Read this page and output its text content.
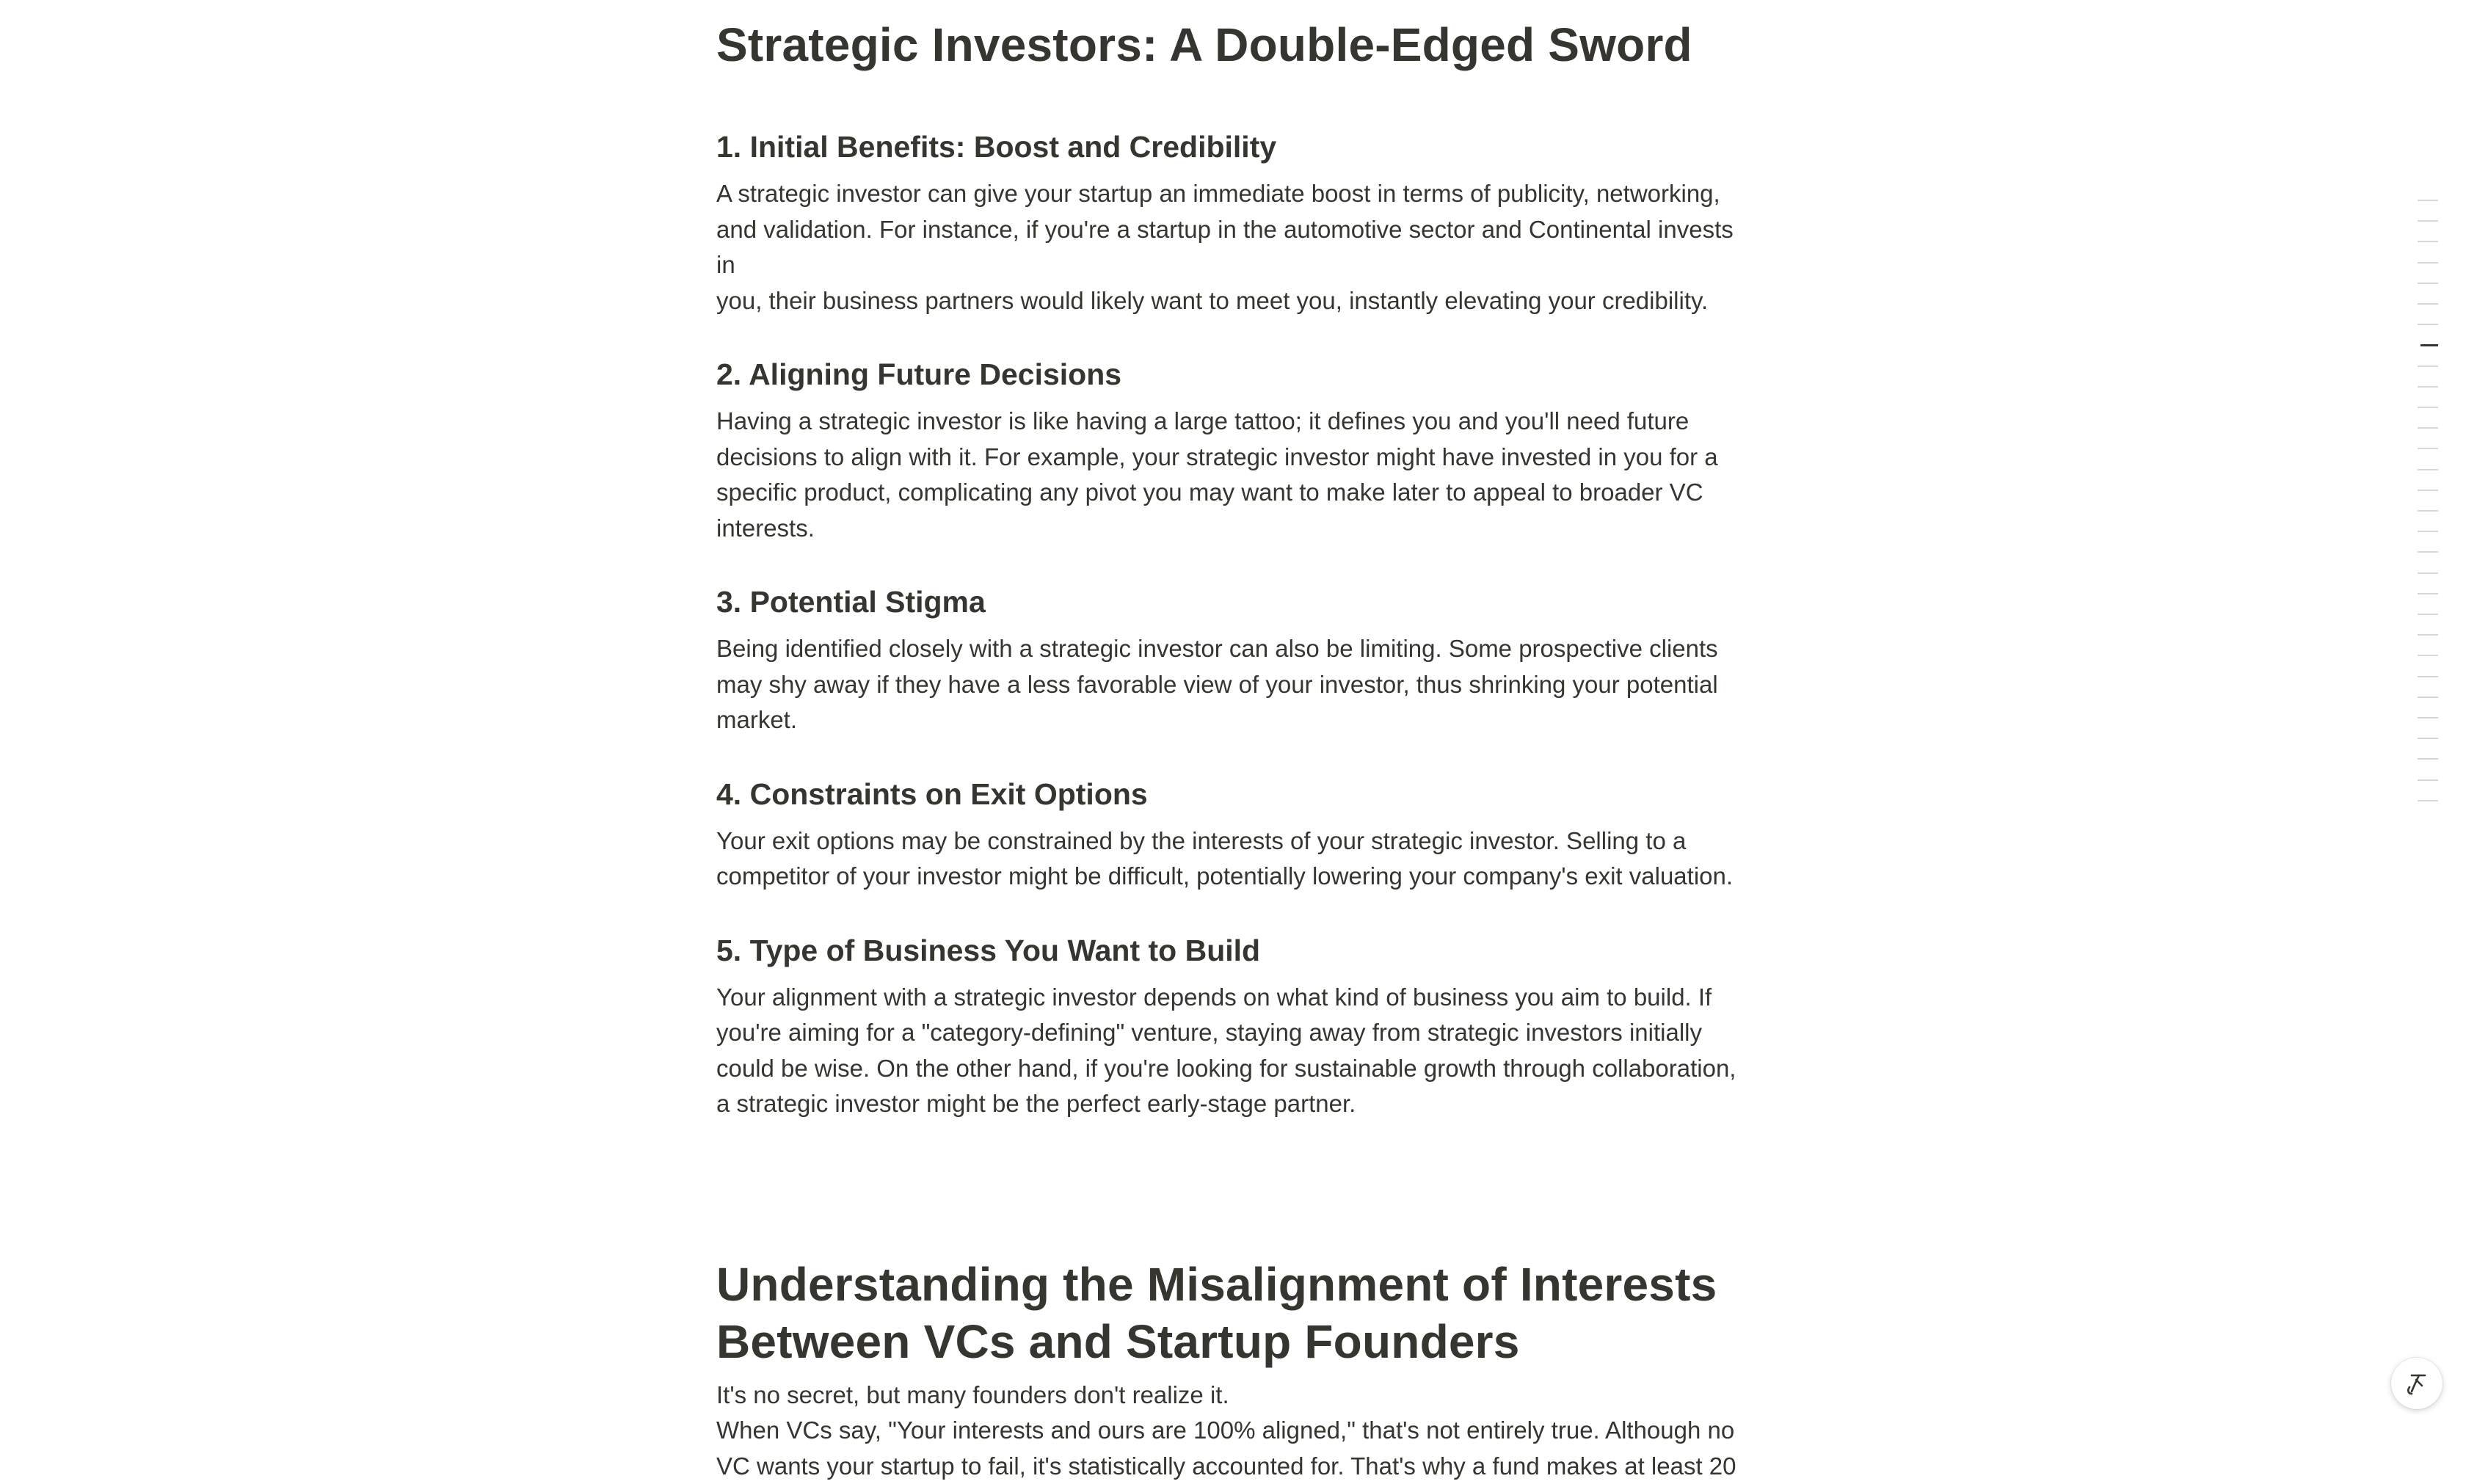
Strategic Investors: A Double-Edged Sword
1. Initial Benefits: Boost and Credibility
A strategic investor can give your startup an immediate boost in terms of publicity, networking,
and validation. For instance, if you're a startup in the automotive sector and Continental invests in
you, their business partners would likely want to meet you, instantly elevating your credibility.
2. Aligning Future Decisions
Having a strategic investor is like having a large tattoo; it defines you and you'll need future
decisions to align with it. For example, your strategic investor might have invested in you for a
specific product, complicating any pivot you may want to make later to appeal to broader VC
interests.
3. Potential Stigma
Being identified closely with a strategic investor can also be limiting. Some prospective clients
may shy away if they have a less favorable view of your investor, thus shrinking your potential
market.
4. Constraints on Exit Options
Your exit options may be constrained by the interests of your strategic investor. Selling to a
competitor of your investor might be difficult, potentially lowering your company's exit valuation.
5. Type of Business You Want to Build
Your alignment with a strategic investor depends on what kind of business you aim to build. If
you're aiming for a "category-defining" venture, staying away from strategic investors initially
could be wise. On the other hand, if you're looking for sustainable growth through collaboration,
a strategic investor might be the perfect early-stage partner.
Understanding the Misalignment of Interests
Between VCs and Startup Founders
It's no secret, but many founders don't realize it.
When VCs say, "Your interests and ours are 100% aligned," that's not entirely true. Although no
VC wants your startup to fail, it's statistically accounted for. That's why a fund makes at least 20
